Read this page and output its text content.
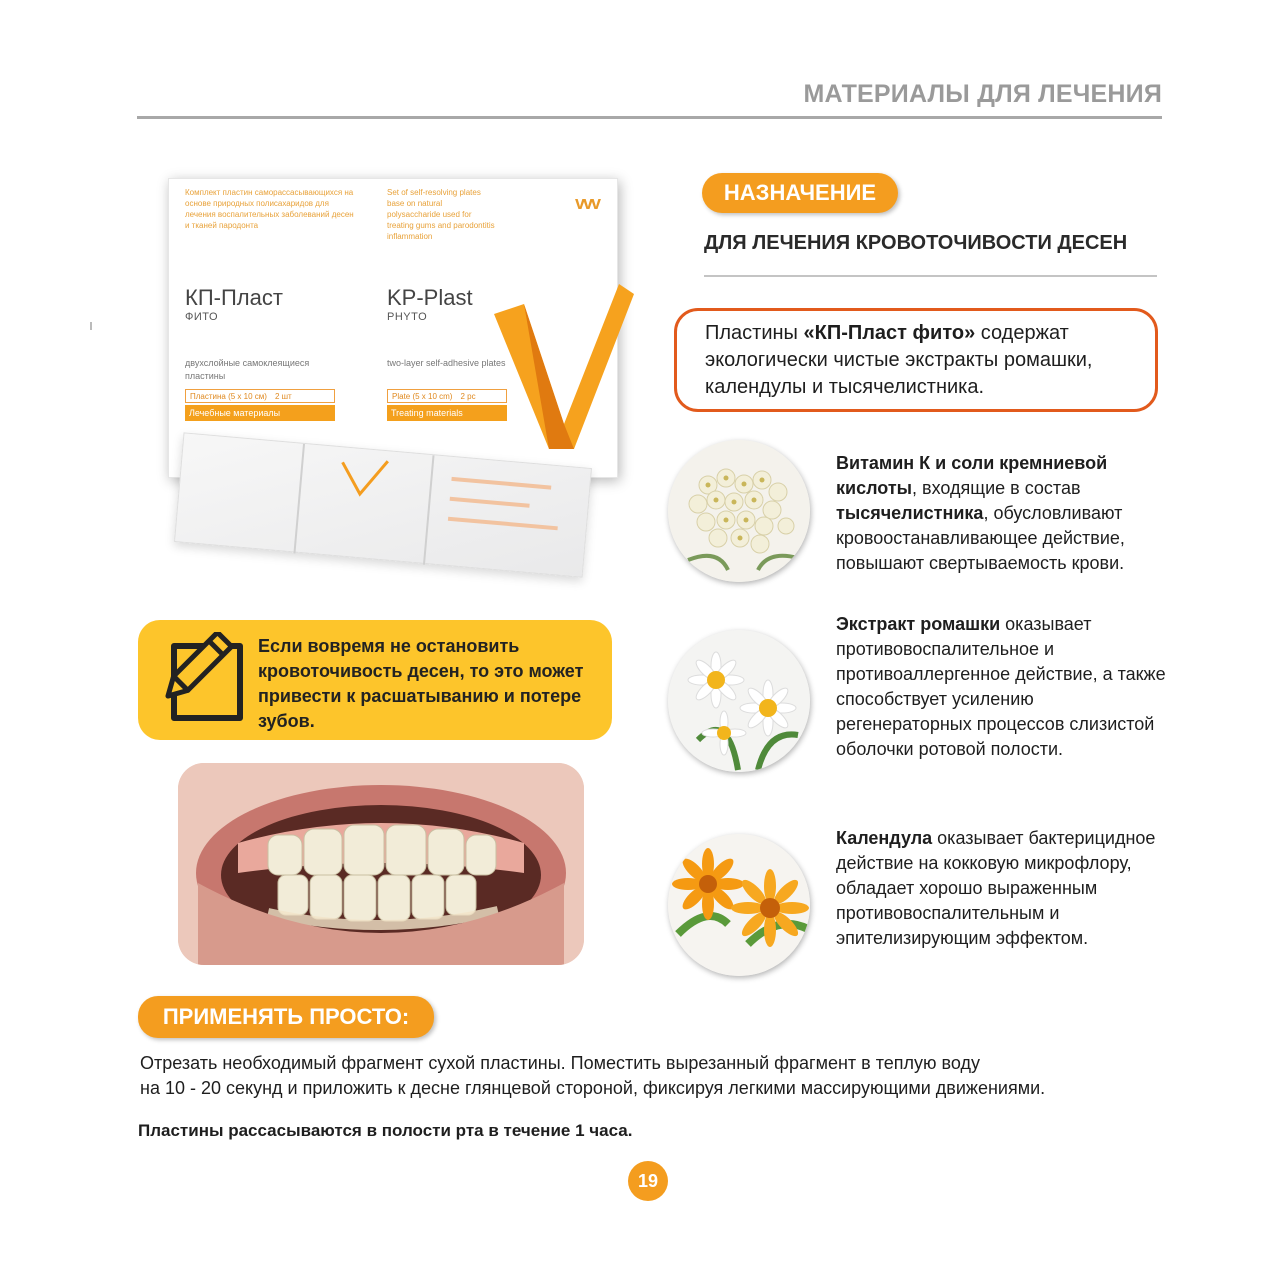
МАТЕРИАЛЫ ДЛЯ ЛЕЧЕНИЯ
Комплект пластин саморассасывающихся на основе природных полисахаридов для лечения воспалительных заболеваний десен и тканей пародонта
Set of self-resolving plates base on natural polysaccharide used for treating gums and parodontitis inflammation
vvv
КП-Пласт
ФИТО
KP-Plast
PHYTO
двухслойные самоклеящиеся пластины
two-layer self-adhesive plates
Пластина (5 x 10 см) 2 шт	Plate (5 x 10 cm) 2 pc
Лечебные материалы	Treating materials
НАЗНАЧЕНИЕ
ДЛЯ ЛЕЧЕНИЯ КРОВОТОЧИВОСТИ ДЕСЕН
Пластины «КП-Пласт фито» содержат экологически чистые экстракты ромашки, календулы и тысячелистника.
Витамин К и соли кремниевой кислоты, входящие в состав тысячелистника, обусловливают кровоостанавливающее действие, повышают свертываемость крови.
Экстракт ромашки оказывает противовоспалительное и противоаллергенное действие, а также способствует усилению регенераторных процессов слизистой оболочки ротовой полости.
Календула оказывает бактерицидное действие на кокковую микрофлору, обладает хорошо выраженным противовоспалительным и эпителизирующим эффектом.
Если вовремя не остановить кровоточивость десен, то это может привести к расшатыванию и потере зубов.
ПРИМЕНЯТЬ ПРОСТО:
Отрезать необходимый фрагмент сухой пластины. Поместить вырезанный фрагмент в теплую воду
на 10 - 20 секунд и приложить к десне глянцевой стороной, фиксируя легкими массирующими движениями.
Пластины рассасываются в полости рта в течение 1 часа.
19
